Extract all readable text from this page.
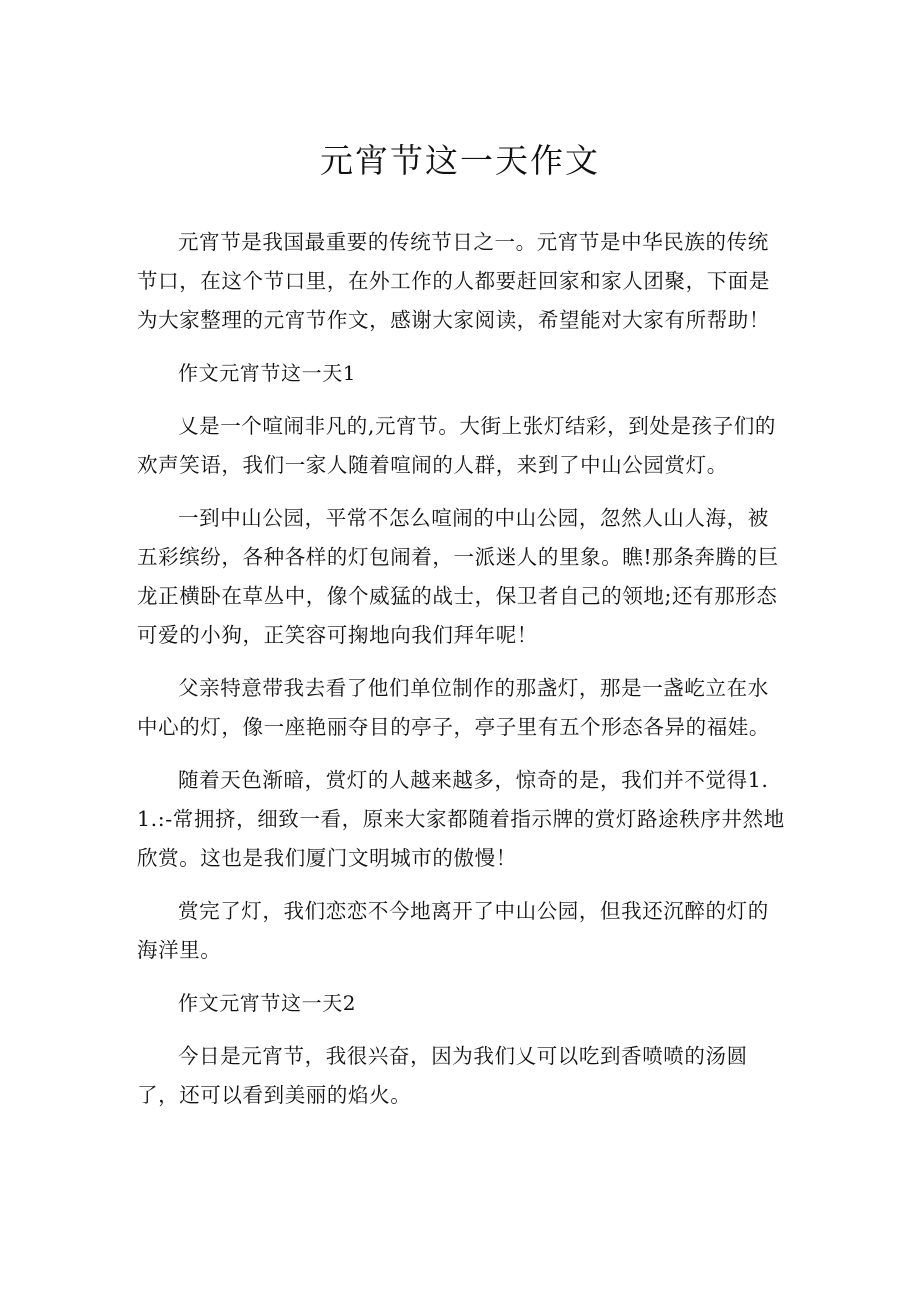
元宵节这一天作文

元宵节是我国最重要的传统节日之一。元宵节是中华民族的传统节口，在这个节口里，在外工作的人都要赶回家和家人团聚，下面是为大家整理的元宵节作文，感谢大家阅读，希望能对大家有所帮助！

作文元宵节这一天1

乂是一个喧闹非凡的,元宵节。大街上张灯结彩，到处是孩子们的欢声笑语，我们一家人随着喧闹的人群，来到了中山公园赏灯。

一到中山公园，平常不怎么喧闹的中山公园，忽然人山人海，被五彩缤纷，各种各样的灯包闹着，一派迷人的里象。瞧!那条奔腾的巨龙正横卧在草丛中，像个威猛的战士，保卫者自己的领地;还有那形态可爱的小狗，正笑容可掬地向我们拜年呢！

父亲特意带我去看了他们单位制作的那盏灯，那是一盏屹立在水中心的灯，像一座艳丽夺目的亭子，亭子里有五个形态各异的福娃。

随着天色渐暗，赏灯的人越来越多，惊奇的是，我们并不觉得1.1.:-常拥挤，细致一看，原来大家都随着指示牌的赏灯路途秩序井然地欣赏。这也是我们厦门文明城市的傲慢！

赏完了灯，我们恋恋不今地离开了中山公园，但我还沉醉的灯的海洋里。

作文元宵节这一天2

今日是元宵节，我很兴奋，因为我们乂可以吃到香喷喷的汤圆了，还可以看到美丽的焰火。
